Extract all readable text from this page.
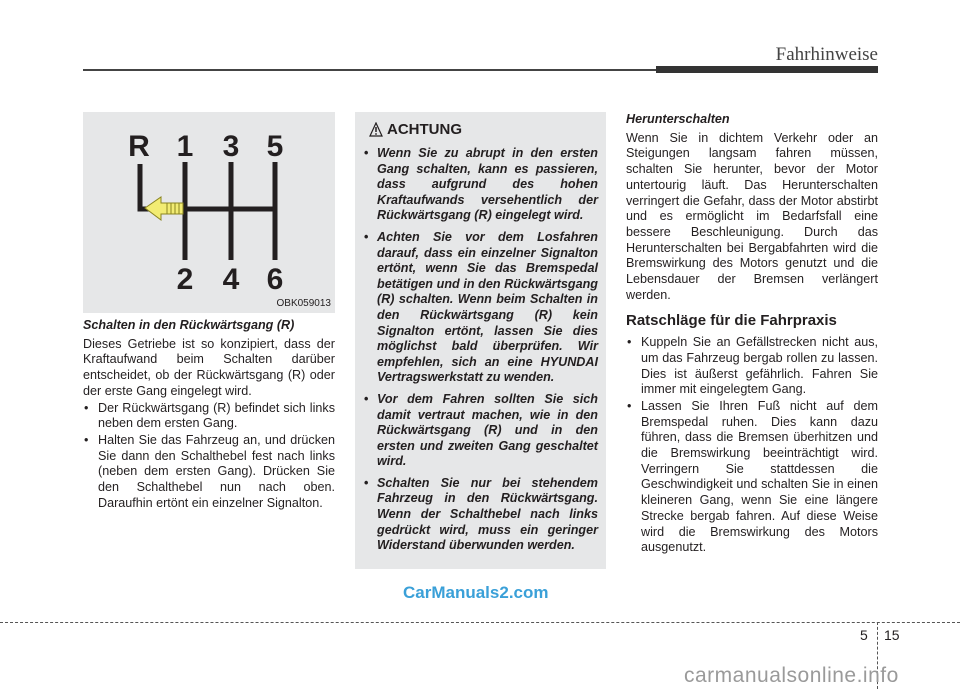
Fahrhinweise
R 1 3 5
2 4 6
OBK059013
Schalten in den Rückwärtsgang (R)

Dieses Getriebe ist so konzipiert, dass der Kraftaufwand beim Schalten darüber entscheidet, ob der Rückwärtsgang (R) oder der erste Gang eingelegt wird.

• Der Rückwärtsgang (R) befindet sich links neben dem ersten Gang.
• Halten Sie das Fahrzeug an, und drücken Sie dann den Schalthebel fest nach links (neben dem ersten Gang). Drücken Sie den Schalthebel nun nach oben. Daraufhin ertönt ein einzelner Signalton.
ACHTUNG
• Wenn Sie zu abrupt in den ersten Gang schalten, kann es passieren, dass aufgrund des hohen Kraftaufwands versehentlich der Rückwärtsgang (R) eingelegt wird.
• Achten Sie vor dem Losfahren darauf, dass ein einzelner Signalton ertönt, wenn Sie das Bremspedal betätigen und in den Rückwärtsgang (R) schalten. Wenn beim Schalten in den Rückwärtsgang (R) kein Signalton ertönt, lassen Sie dies möglichst bald überprüfen. Wir empfehlen, sich an eine HYUNDAI Vertragswerkstatt zu wenden.
• Vor dem Fahren sollten Sie sich damit vertraut machen, wie in den Rückwärtsgang (R) und in den ersten und zweiten Gang geschaltet wird.
• Schalten Sie nur bei stehendem Fahrzeug in den Rückwärtsgang. Wenn der Schalthebel nach links gedrückt wird, muss ein geringer Widerstand überwunden werden.
Herunterschalten

Wenn Sie in dichtem Verkehr oder an Steigungen langsam fahren müssen, schalten Sie herunter, bevor der Motor untertourig läuft. Das Herunterschalten verringert die Gefahr, dass der Motor abstirbt und es ermöglicht im Bedarfsfall eine bessere Beschleunigung. Durch das Herunterschalten bei Bergabfahrten wird die Bremswirkung des Motors genutzt und die Lebensdauer der Bremsen verlängert werden.

Ratschläge für die Fahrpraxis
• Kuppeln Sie an Gefällstrecken nicht aus, um das Fahrzeug bergab rollen zu lassen. Dies ist äußerst gefährlich. Fahren Sie immer mit eingelegtem Gang.
• Lassen Sie Ihren Fuß nicht auf dem Bremspedal ruhen. Dies kann dazu führen, dass die Bremsen überhitzen und die Bremswirkung beeinträchtigt wird. Verringern Sie stattdessen die Geschwindigkeit und schalten Sie in einen kleineren Gang, wenn Sie eine längere Strecke bergab fahren. Auf diese Weise wird die Bremswirkung des Motors ausgenutzt.
CarManuals2.com
5 15
carmanualsonline.info
